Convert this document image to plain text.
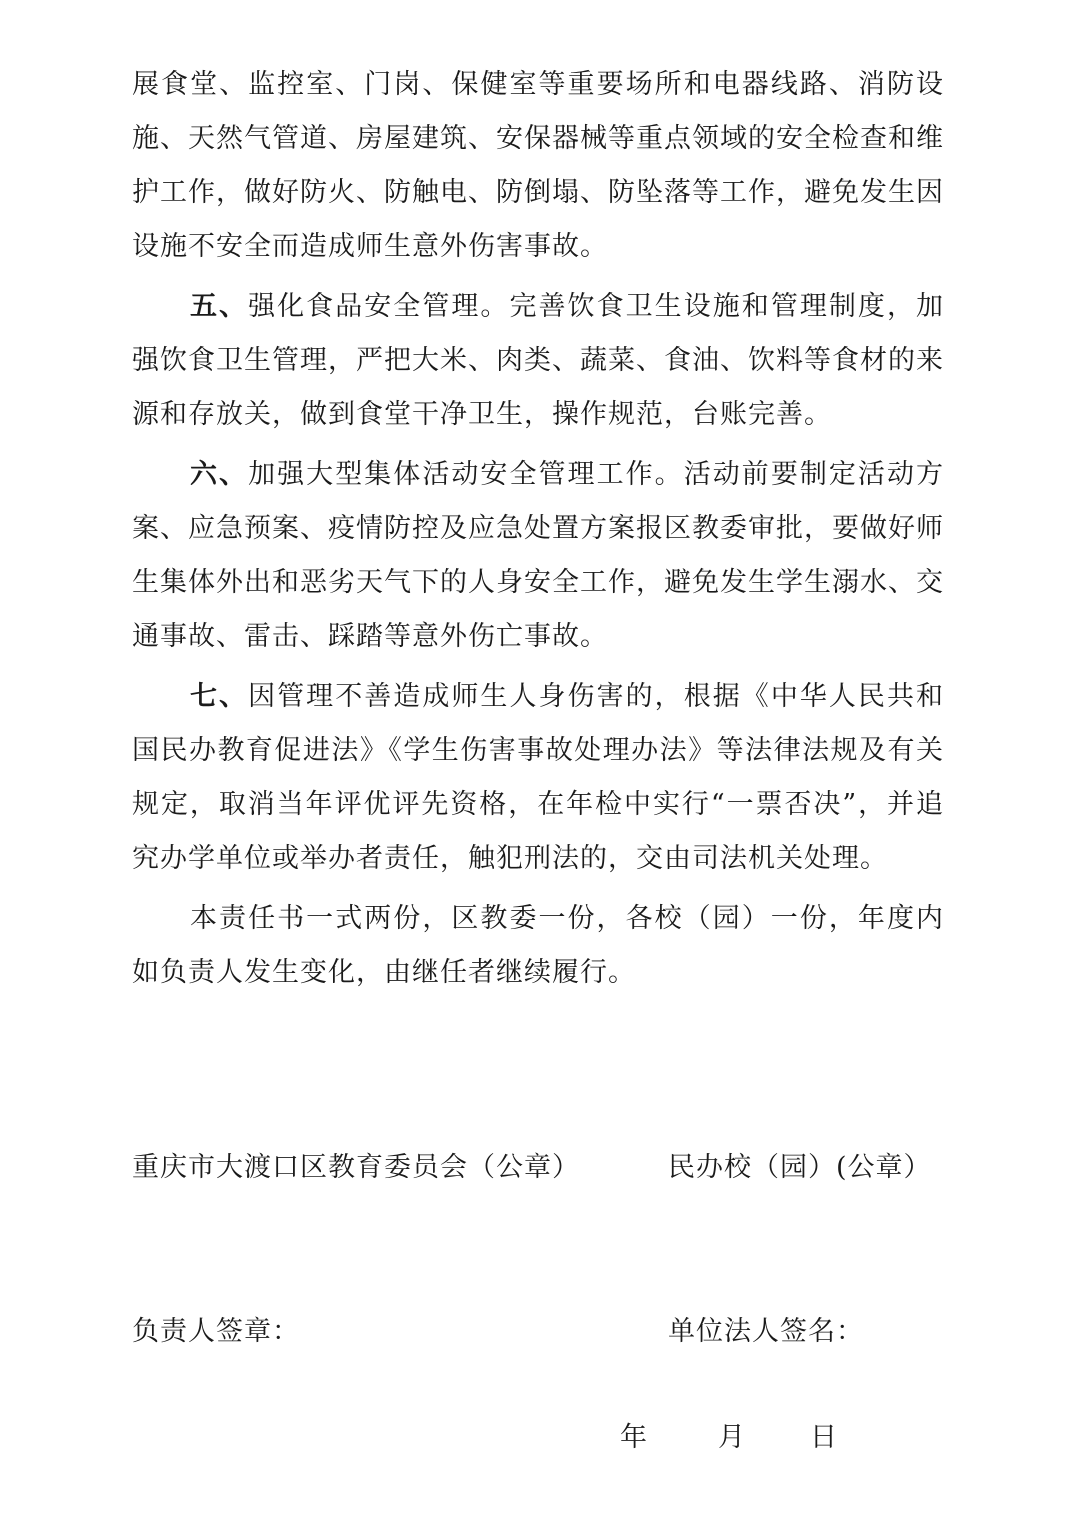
展食堂、监控室、门岗、保健室等重要场所和电器线路、消防设施、天然气管道、房屋建筑、安保器械等重点领域的安全检查和维护工作，做好防火、防触电、防倒塌、防坠落等工作，避免发生因设施不安全而造成师生意外伤害事故。

五、强化食品安全管理。完善饮食卫生设施和管理制度，加强饮食卫生管理，严把大米、肉类、蔬菜、食油、饮料等食材的来源和存放关，做到食堂干净卫生，操作规范，台账完善。

六、加强大型集体活动安全管理工作。活动前要制定活动方案、应急预案、疫情防控及应急处置方案报区教委审批，要做好师生集体外出和恶劣天气下的人身安全工作，避免发生学生溺水、交通事故、雷击、踩踏等意外伤亡事故。

七、因管理不善造成师生人身伤害的，根据《中华人民共和国民办教育促进法》《学生伤害事故处理办法》等法律法规及有关规定，取消当年评优评先资格，在年检中实行“一票否决”，并追究办学单位或举办者责任，触犯刑法的，交由司法机关处理。

本责任书一式两份，区教委一份，各校（园）一份，年度内如负责人发生变化，由继任者继续履行。

重庆市大渡口区教育委员会（公章）	民办校（园）(公章）
负责人签章：	单位法人签名：
年	月 日
